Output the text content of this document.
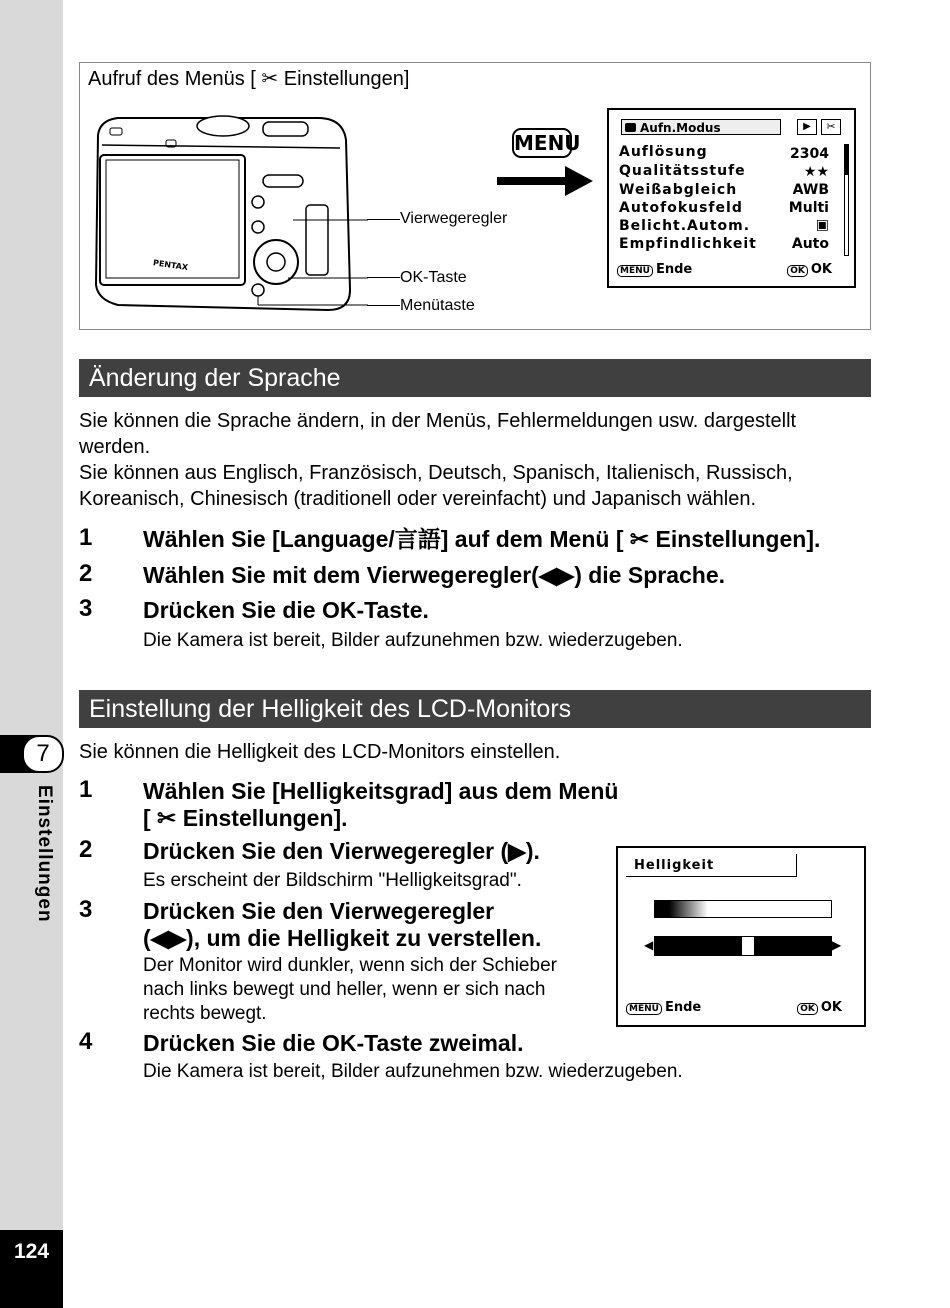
7
Einstellungen
124
Aufruf des Menüs [ ✂ Einstellungen]
PENTAX
Vierwegeregler
OK-Taste
Menütaste
MENU
Aufn.Modus	▶	✂
Auflösung	2304
Qualitätsstufe	★★
Weißabgleich	AWB
Autofokusfeld	Multi
Belicht.Autom.	▣
Empfindlichkeit	Auto
MENU Ende	OK OK
Änderung der Sprache
Sie können die Sprache ändern, in der Menüs, Fehlermeldungen usw. dargestellt
werden.
Sie können aus Englisch, Französisch, Deutsch, Spanisch, Italienisch, Russisch,
Koreanisch, Chinesisch (traditionell oder vereinfacht) und Japanisch wählen.
1 Wählen Sie [Language/言語] auf dem Menü [ ✂ Einstellungen].
2 Wählen Sie mit dem Vierwegeregler(◀▶) die Sprache.
3 Drücken Sie die OK-Taste.
Die Kamera ist bereit, Bilder aufzunehmen bzw. wiederzugeben.
Einstellung der Helligkeit des LCD-Monitors
Sie können die Helligkeit des LCD-Monitors einstellen.
1 Wählen Sie [Helligkeitsgrad] aus dem Menü
[ ✂ Einstellungen].
2 Drücken Sie den Vierwegeregler (▶).
Es erscheint der Bildschirm "Helligkeitsgrad".
3 Drücken Sie den Vierwegeregler
(◀▶), um die Helligkeit zu verstellen.
Der Monitor wird dunkler, wenn sich der Schieber
nach links bewegt und heller, wenn er sich nach
rechts bewegt.
4 Drücken Sie die OK-Taste zweimal.
Die Kamera ist bereit, Bilder aufzunehmen bzw. wiederzugeben.
Helligkeit
◀	▶
MENU Ende	OK OK
